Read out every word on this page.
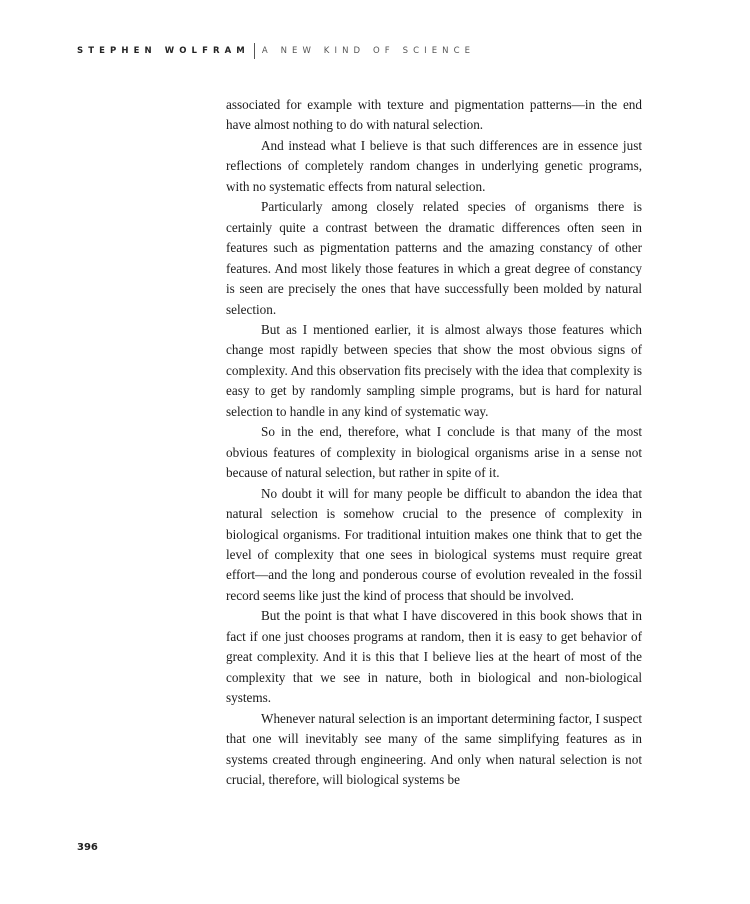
STEPHEN WOLFRAM A NEW KIND OF SCIENCE

associated for example with texture and pigmentation patterns—in the end have almost nothing to do with natural selection.

And instead what I believe is that such differences are in essence just reflections of completely random changes in underlying genetic programs, with no systematic effects from natural selection.

Particularly among closely related species of organisms there is certainly quite a contrast between the dramatic differences often seen in features such as pigmentation patterns and the amazing constancy of other features. And most likely those features in which a great degree of constancy is seen are precisely the ones that have successfully been molded by natural selection.

But as I mentioned earlier, it is almost always those features which change most rapidly between species that show the most obvious signs of complexity. And this observation fits precisely with the idea that complexity is easy to get by randomly sampling simple programs, but is hard for natural selection to handle in any kind of systematic way.

So in the end, therefore, what I conclude is that many of the most obvious features of complexity in biological organisms arise in a sense not because of natural selection, but rather in spite of it.

No doubt it will for many people be difficult to abandon the idea that natural selection is somehow crucial to the presence of complexity in biological organisms. For traditional intuition makes one think that to get the level of complexity that one sees in biological systems must require great effort—and the long and ponderous course of evolution revealed in the fossil record seems like just the kind of process that should be involved.

But the point is that what I have discovered in this book shows that in fact if one just chooses programs at random, then it is easy to get behavior of great complexity. And it is this that I believe lies at the heart of most of the complexity that we see in nature, both in biological and non-biological systems.

Whenever natural selection is an important determining factor, I suspect that one will inevitably see many of the same simplifying features as in systems created through engineering. And only when natural selection is not crucial, therefore, will biological systems be

396
